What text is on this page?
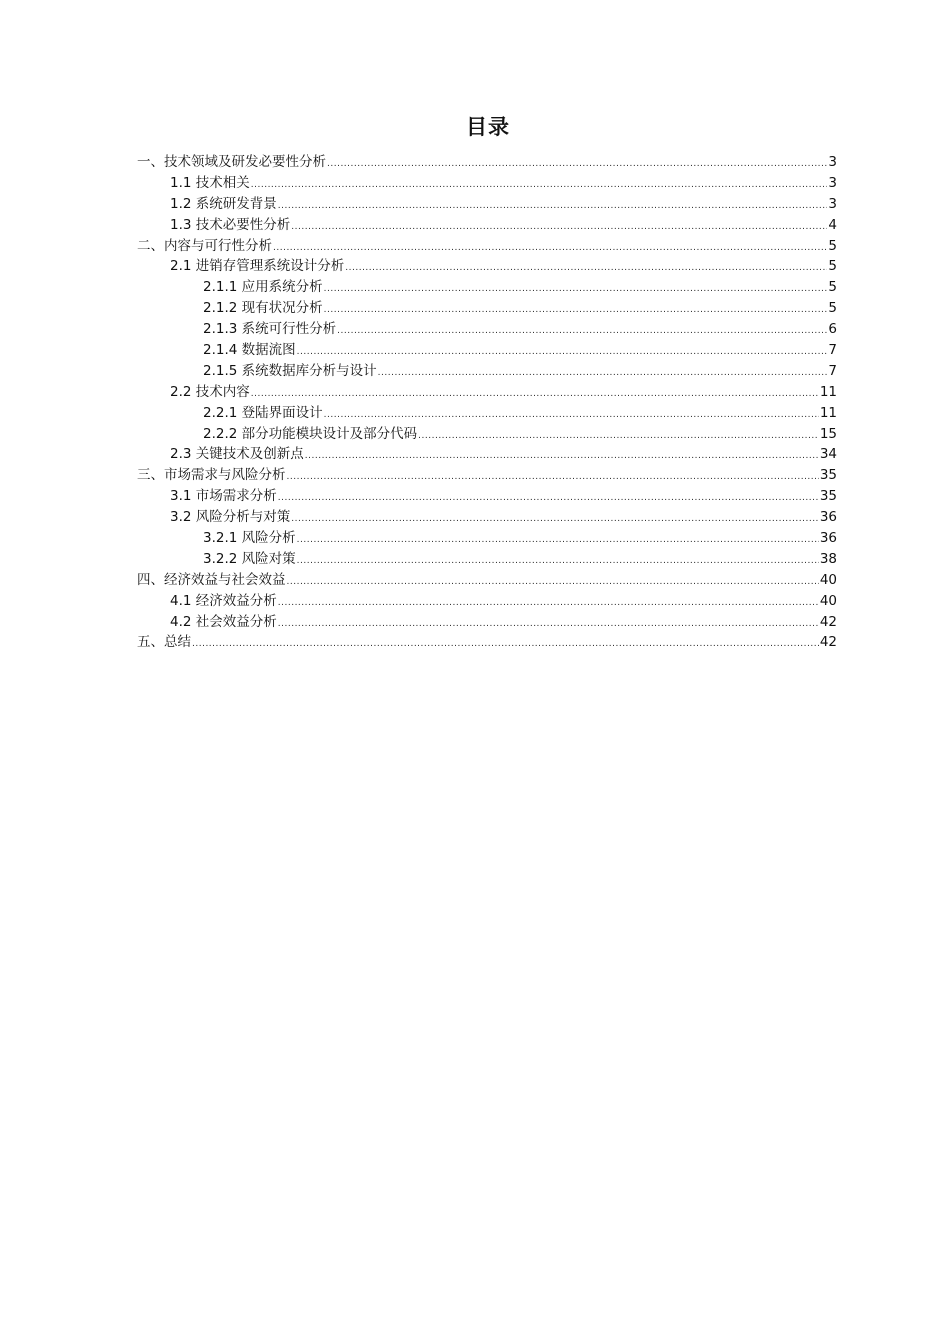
目录
一、技术领域及研发必要性分析 .....	3
1.1 技术相关 .....	3
1.2 系统研发背景 .....	3
1.3 技术必要性分析 .....	4
二、内容与可行性分析 .....	5
2.1 进销存管理系统设计分析 .....	5
2.1.1 应用系统分析 .....	5
2.1.2 现有状况分析 .....	5
2.1.3 系统可行性分析 .....	6
2.1.4 数据流图 .....	7
2.1.5 系统数据库分析与设计 .....	7
2.2 技术内容 .....	11
2.2.1 登陆界面设计 .....	11
2.2.2 部分功能模块设计及部分代码 .....	15
2.3 关键技术及创新点 .....	34
三、市场需求与风险分析 .....	35
3.1 市场需求分析 .....	35
3.2 风险分析与对策 .....	36
3.2.1 风险分析 .....	36
3.2.2 风险对策 .....	38
四、经济效益与社会效益 .....	40
4.1 经济效益分析 .....	40
4.2 社会效益分析 .....	42
五、总结 .....	42
